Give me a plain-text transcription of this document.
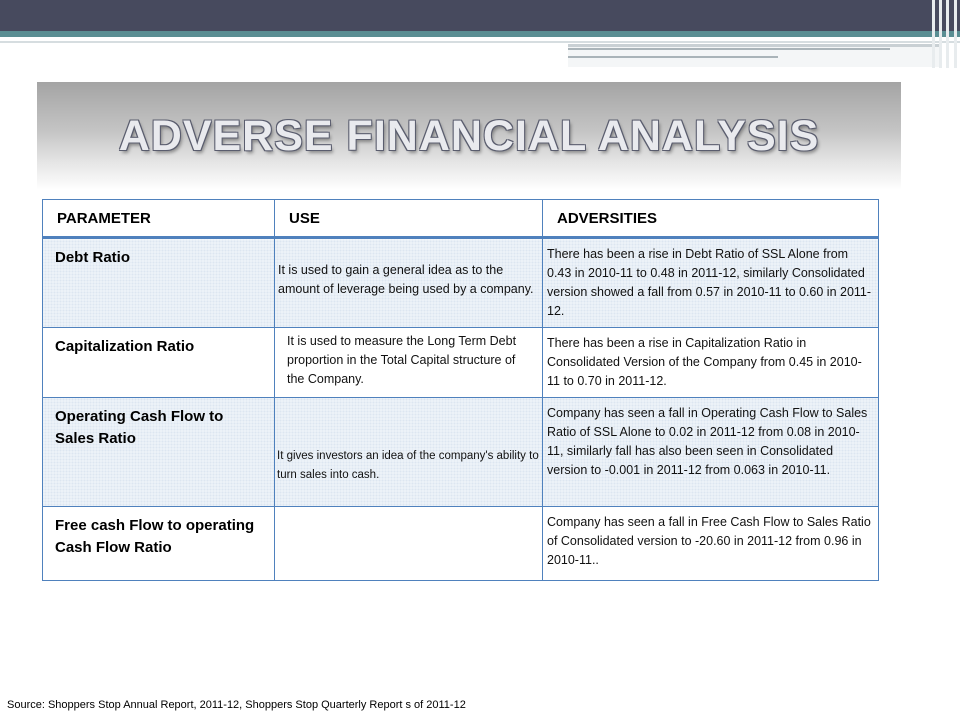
ADVERSE FINANCIAL ANALYSIS
PARAMETER	USE	ADVERSITIES

Debt Ratio	It is used to gain a general idea as to the amount of leverage being used by a company.	There has been a rise in Debt Ratio of SSL Alone from 0.43 in 2010-11 to 0.48 in 2011-12, similarly Consolidated version showed a fall from 0.57 in 2010-11 to 0.60 in 2011-12.

Capitalization Ratio	It is used to measure the Long Term Debt proportion in the Total Capital structure of the Company.	There has been a rise in Capitalization Ratio in Consolidated Version of the Company from 0.45 in 2010-11 to 0.70 in 2011-12.

Operating Cash Flow to Sales Ratio	It gives investors an idea of the company's ability to turn sales into cash.	Company has seen a fall in Operating Cash Flow to Sales Ratio of SSL Alone to 0.02 in 2011-12 from 0.08 in 2010-11, similarly fall has also been seen in Consolidated version to -0.001 in 2011-12 from 0.063 in 2010-11.

Free cash Flow to operating Cash Flow Ratio		Company has seen a fall in Free Cash Flow to Sales Ratio of Consolidated version to -20.60 in 2011-12 from 0.96 in 2010-11..
Source: Shoppers Stop Annual Report, 2011-12, Shoppers Stop Quarterly Report s of 2011-12
